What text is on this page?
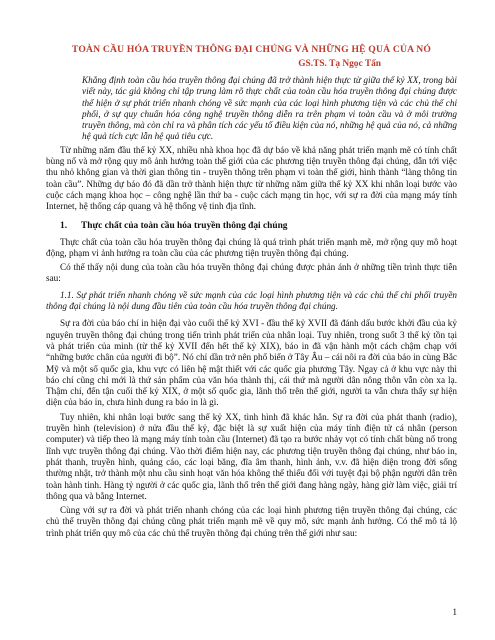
TOÀN CẦU HÓA TRUYỀN THÔNG ĐẠI CHÚNG VÀ NHỮNG HỆ QUẢ CỦA NÓ
GS.TS. Tạ Ngọc Tấn

Khẳng định toàn cầu hóa truyền thông đại chúng đã trở thành hiện thực từ giữa thế kỷ XX, trong bài viết này, tác giả không chỉ tập trung làm rõ thực chất của toàn cầu hóa truyền thông đại chúng được thể hiện ở sự phát triển nhanh chóng về sức mạnh của các loại hình phương tiện và các chủ thể chi phối, ở sự quy chuẩn hóa công nghệ truyền thông diễn ra trên phạm vi toàn cầu và ở môi trường truyền thông, mà còn chỉ ra và phân tích các yếu tố điều kiện của nó, những hệ quả của nó, cả những hệ quả tích cực lẫn hệ quả tiêu cực.

Từ những năm đầu thế kỷ XX, nhiều nhà khoa học đã dự báo về khả năng phát triển mạnh mẽ có tính chất bùng nổ và mở rộng quy mô ảnh hưởng toàn thế giới của các phương tiện truyền thông đại chúng, dẫn tới việc thu nhỏ không gian và thời gian thông tin - truyền thông trên phạm vi toàn thế giới, hình thành “làng thông tin toàn cầu”. Những dự báo đó đã dần trở thành hiện thực từ những năm giữa thế kỷ XX khi nhân loại bước vào cuộc cách mạng khoa học – công nghệ lần thứ ba - cuộc cách mạng tin học, với sự ra đời của mạng máy tính Internet, hệ thống cáp quang và hệ thống vệ tinh địa tĩnh.

1. Thực chất của toàn cầu hóa truyền thông đại chúng

Thực chất của toàn cầu hóa truyền thông đại chúng là quá trình phát triển mạnh mẽ, mở rộng quy mô hoạt động, phạm vi ảnh hưởng ra toàn cầu của các phương tiện truyền thông đại chúng.

Có thể thấy nội dung của toàn cầu hóa truyền thông đại chúng được phản ánh ở những tiền trình thực tiễn sau:

1.1. Sự phát triển nhanh chóng về sức mạnh của các loại hình phương tiện và các chủ thể chi phối truyền thông đại chúng là nội dung đầu tiên của toàn cầu hóa truyền thông đại chúng.

Sự ra đời của báo chí in hiện đại vào cuối thế kỷ XVI - đầu thế kỷ XVII đã đánh dấu bước khởi đầu của kỷ nguyên truyền thông đại chúng trong tiến trình phát triển của nhân loại. Tuy nhiên, trong suốt 3 thế kỷ tồn tại và phát triển của mình (từ thế kỷ XVII đến hết thế kỷ XIX), báo in đã vận hành một cách chậm chạp với “những bước chân của người đi bộ”. Nó chỉ dần trở nên phổ biến ở Tây Âu – cái nôi ra đời của báo in cùng Bắc Mỹ và một số quốc gia, khu vực có liên hệ mật thiết với các quốc gia phương Tây. Ngay cả ở khu vực này thì báo chí cũng chỉ mới là thứ sản phẩm của văn hóa thành thị, cái thứ mà người dân nông thôn vẫn còn xa lạ. Thậm chí, đến tận cuối thế kỷ XIX, ở một số quốc gia, lãnh thổ trên thế giới, người ta vẫn chưa thấy sự hiện diện của báo in, chưa hình dung ra báo in là gì.

Tuy nhiên, khi nhân loại bước sang thế kỷ XX, tình hình đã khác hẳn. Sự ra đời của phát thanh (radio), truyền hình (television) ở nửa đầu thế kỷ, đặc biệt là sự xuất hiện của máy tính điện tử cá nhân (person computer) và tiếp theo là mạng máy tính toàn cầu (Internet) đã tạo ra bước nhảy vọt có tính chất bùng nổ trong lĩnh vực truyền thông đại chúng. Vào thời điểm hiện nay, các phương tiện truyền thông đại chúng, như báo in, phát thanh, truyền hình, quảng cáo, các loại băng, đĩa âm thanh, hình ảnh, v.v. đã hiện diện trong đời sống thường nhật, trở thành một nhu cầu sinh hoạt văn hóa không thể thiếu đối với tuyệt đại bộ phận người dân trên toàn hành tinh. Hàng tỷ người ở các quốc gia, lãnh thổ trên thế giới đang hàng ngày, hàng giờ làm việc, giải trí thông qua và bằng Internet.

Cùng với sự ra đời và phát triển nhanh chóng của các loại hình phương tiện truyền thông đại chúng, các chủ thể truyền thông đại chúng cũng phát triển mạnh mẽ về quy mô, sức mạnh ảnh hưởng. Có thể mô tả lộ trình phát triển quy mô của các chủ thể truyền thông đại chúng trên thế giới như sau:

1
